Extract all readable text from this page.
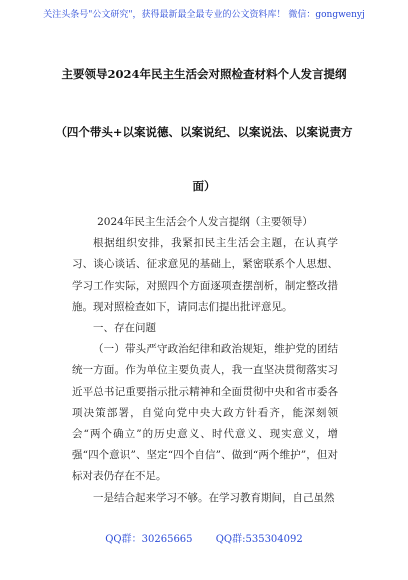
关注头条号"公文研究"，获得最新最全最专业的公文资料库！ 微信：gongwenyj
主要领导2024年民主生活会对照检查材料个人发言提纲
（四个带头+以案说德、以案说纪、以案说法、以案说责方
面）

2024年民主生活会个人发言提纲（主要领导）

根据组织安排，我紧扣民主生活会主题，在认真学习、谈心谈话、征求意见的基础上，紧密联系个人思想、学习工作实际，对照四个方面逐项查摆剖析，制定整改措施。现对照检查如下，请同志们提出批评意见。

一、存在问题

（一）带头严守政治纪律和政治规矩，维护党的团结统一方面。作为单位主要负责人，我一直坚决贯彻落实习近平总书记重要指示批示精神和全面贯彻中央和省市委各项决策部署，自觉向党中央大政方针看齐，能深刻领会“两个确立”的历史意义、时代意义、现实意义，增强“四个意识”、坚定“四个自信”、做到“两个维护”，但对标对表仍存在不足。

一是结合起来学习不够。在学习教育期间，自己虽然

QQ群：30265665 QQ群:535304092
